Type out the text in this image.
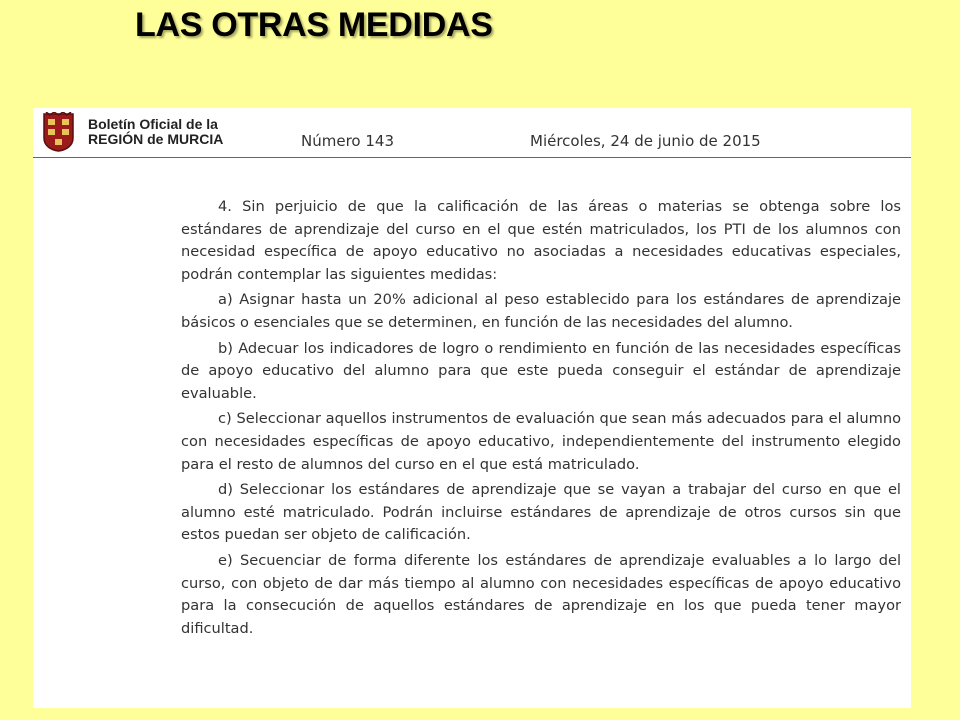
LAS OTRAS MEDIDAS
Boletín Oficial de la
REGIÓN de MURCIA	Número 143	Miércoles, 24 de junio de 2015

4. Sin perjuicio de que la calificación de las áreas o materias se obtenga sobre los estándares de aprendizaje del curso en el que estén matriculados, los PTI de los alumnos con necesidad específica de apoyo educativo no asociadas a necesidades educativas especiales, podrán contemplar las siguientes medidas:

a) Asignar hasta un 20% adicional al peso establecido para los estándares de aprendizaje básicos o esenciales que se determinen, en función de las necesidades del alumno.

b) Adecuar los indicadores de logro o rendimiento en función de las necesidades específicas de apoyo educativo del alumno para que este pueda conseguir el estándar de aprendizaje evaluable.

c) Seleccionar aquellos instrumentos de evaluación que sean más adecuados para el alumno con necesidades específicas de apoyo educativo, independientemente del instrumento elegido para el resto de alumnos del curso en el que está matriculado.

d) Seleccionar los estándares de aprendizaje que se vayan a trabajar del curso en que el alumno esté matriculado. Podrán incluirse estándares de aprendizaje de otros cursos sin que estos puedan ser objeto de calificación.

e) Secuenciar de forma diferente los estándares de aprendizaje evaluables a lo largo del curso, con objeto de dar más tiempo al alumno con necesidades específicas de apoyo educativo para la consecución de aquellos estándares de aprendizaje en los que pueda tener mayor dificultad.
